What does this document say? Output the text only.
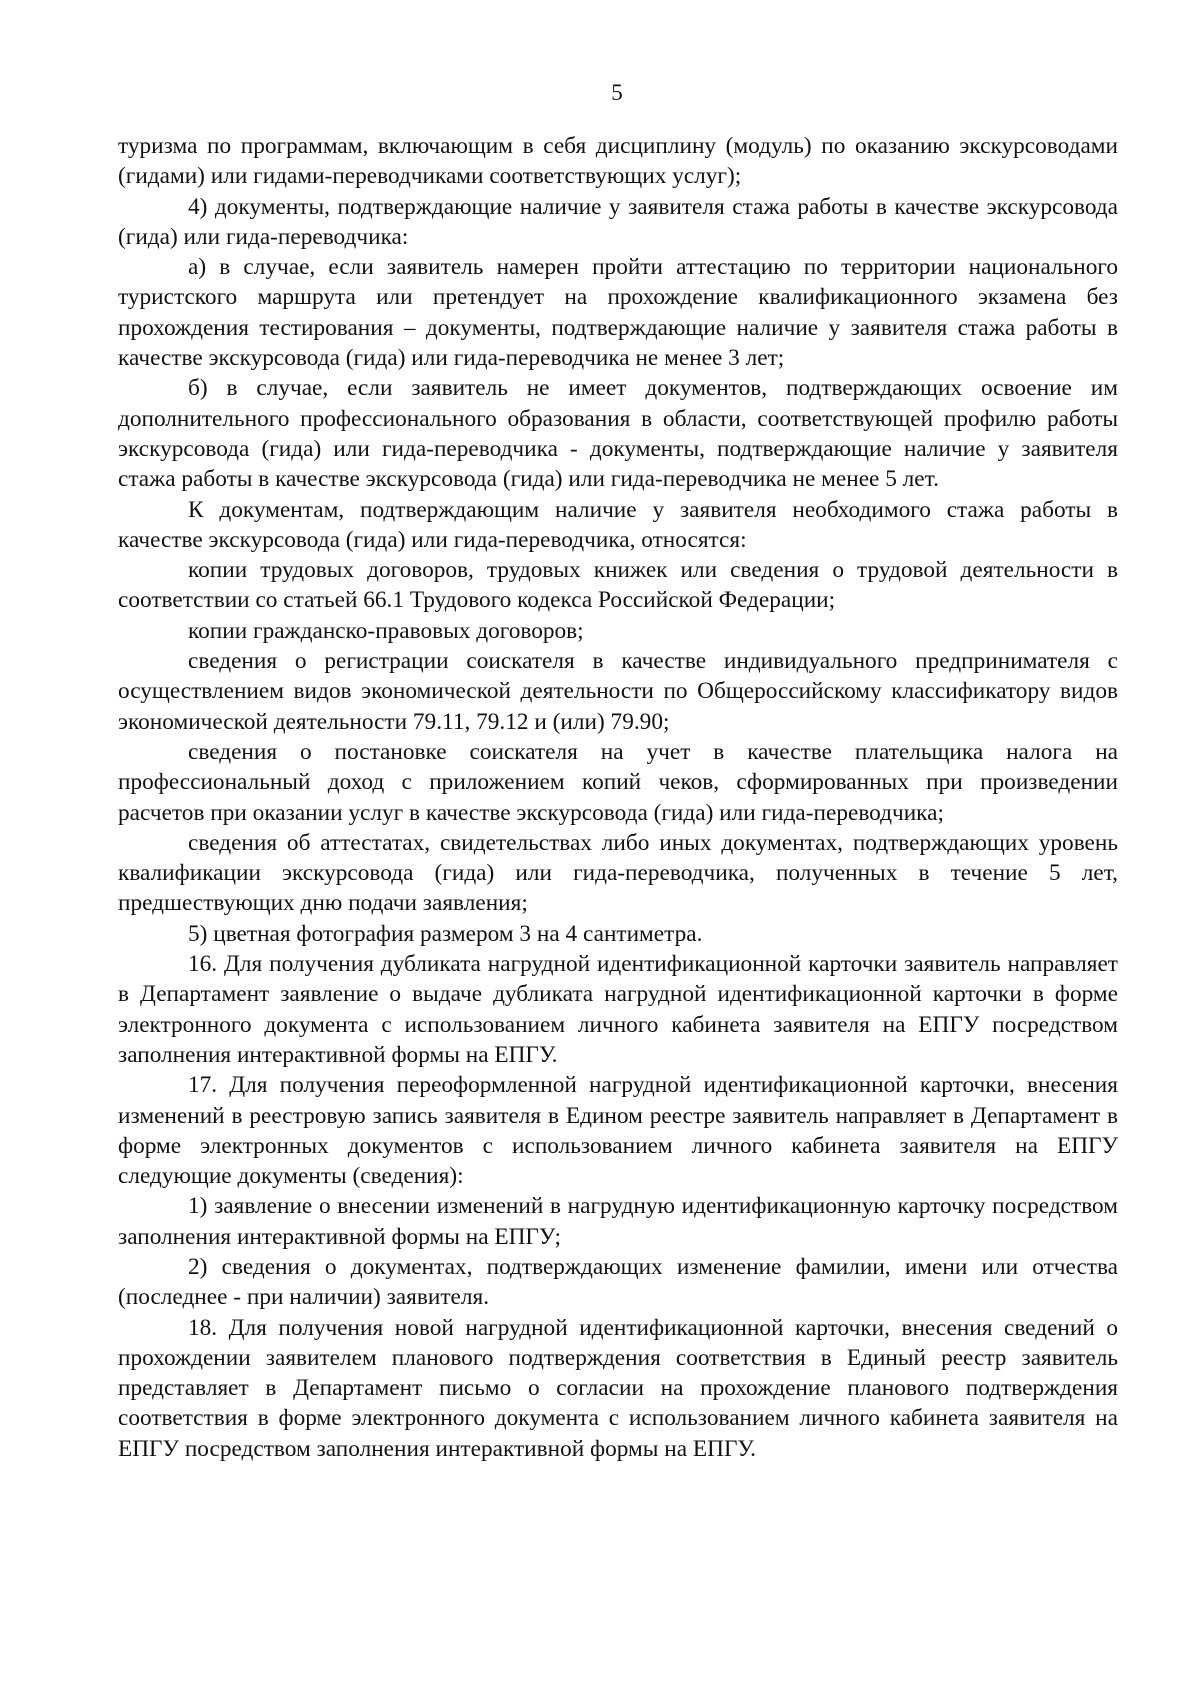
5

туризма по программам, включающим в себя дисциплину (модуль) по оказанию экскурсоводами (гидами) или гидами-переводчиками соответствующих услуг);

4) документы, подтверждающие наличие у заявителя стажа работы в качестве экскурсовода (гида) или гида-переводчика:

а) в случае, если заявитель намерен пройти аттестацию по территории национального туристского маршрута или претендует на прохождение квалификационного экзамена без прохождения тестирования – документы, подтверждающие наличие у заявителя стажа работы в качестве экскурсовода (гида) или гида-переводчика не менее 3 лет;

б) в случае, если заявитель не имеет документов, подтверждающих освоение им дополнительного профессионального образования в области, соответствующей профилю работы экскурсовода (гида) или гида-переводчика - документы, подтверждающие наличие у заявителя стажа работы в качестве экскурсовода (гида) или гида-переводчика не менее 5 лет.

К документам, подтверждающим наличие у заявителя необходимого стажа работы в качестве экскурсовода (гида) или гида-переводчика, относятся:

копии трудовых договоров, трудовых книжек или сведения о трудовой деятельности в соответствии со статьей 66.1 Трудового кодекса Российской Федерации;

копии гражданско-правовых договоров;

сведения о регистрации соискателя в качестве индивидуального предпринимателя с осуществлением видов экономической деятельности по Общероссийскому классификатору видов экономической деятельности 79.11, 79.12 и (или) 79.90;

сведения о постановке соискателя на учет в качестве плательщика налога на профессиональный доход с приложением копий чеков, сформированных при произведении расчетов при оказании услуг в качестве экскурсовода (гида) или гида-переводчика;

сведения об аттестатах, свидетельствах либо иных документах, подтверждающих уровень квалификации экскурсовода (гида) или гида-переводчика, полученных в течение 5 лет, предшествующих дню подачи заявления;

5) цветная фотография размером 3 на 4 сантиметра.

16. Для получения дубликата нагрудной идентификационной карточки заявитель направляет в Департамент заявление о выдаче дубликата нагрудной идентификационной карточки в форме электронного документа с использованием личного кабинета заявителя на ЕПГУ посредством заполнения интерактивной формы на ЕПГУ.

17. Для получения переоформленной нагрудной идентификационной карточки, внесения изменений в реестровую запись заявителя в Едином реестре заявитель направляет в Департамент в форме электронных документов с использованием личного кабинета заявителя на ЕПГУ следующие документы (сведения):

1) заявление о внесении изменений в нагрудную идентификационную карточку посредством заполнения интерактивной формы на ЕПГУ;

2) сведения о документах, подтверждающих изменение фамилии, имени или отчества (последнее - при наличии) заявителя.

18. Для получения новой нагрудной идентификационной карточки, внесения сведений о прохождении заявителем планового подтверждения соответствия в Единый реестр заявитель представляет в Департамент письмо о согласии на прохождение планового подтверждения соответствия в форме электронного документа с использованием личного кабинета заявителя на ЕПГУ посредством заполнения интерактивной формы на ЕПГУ.
